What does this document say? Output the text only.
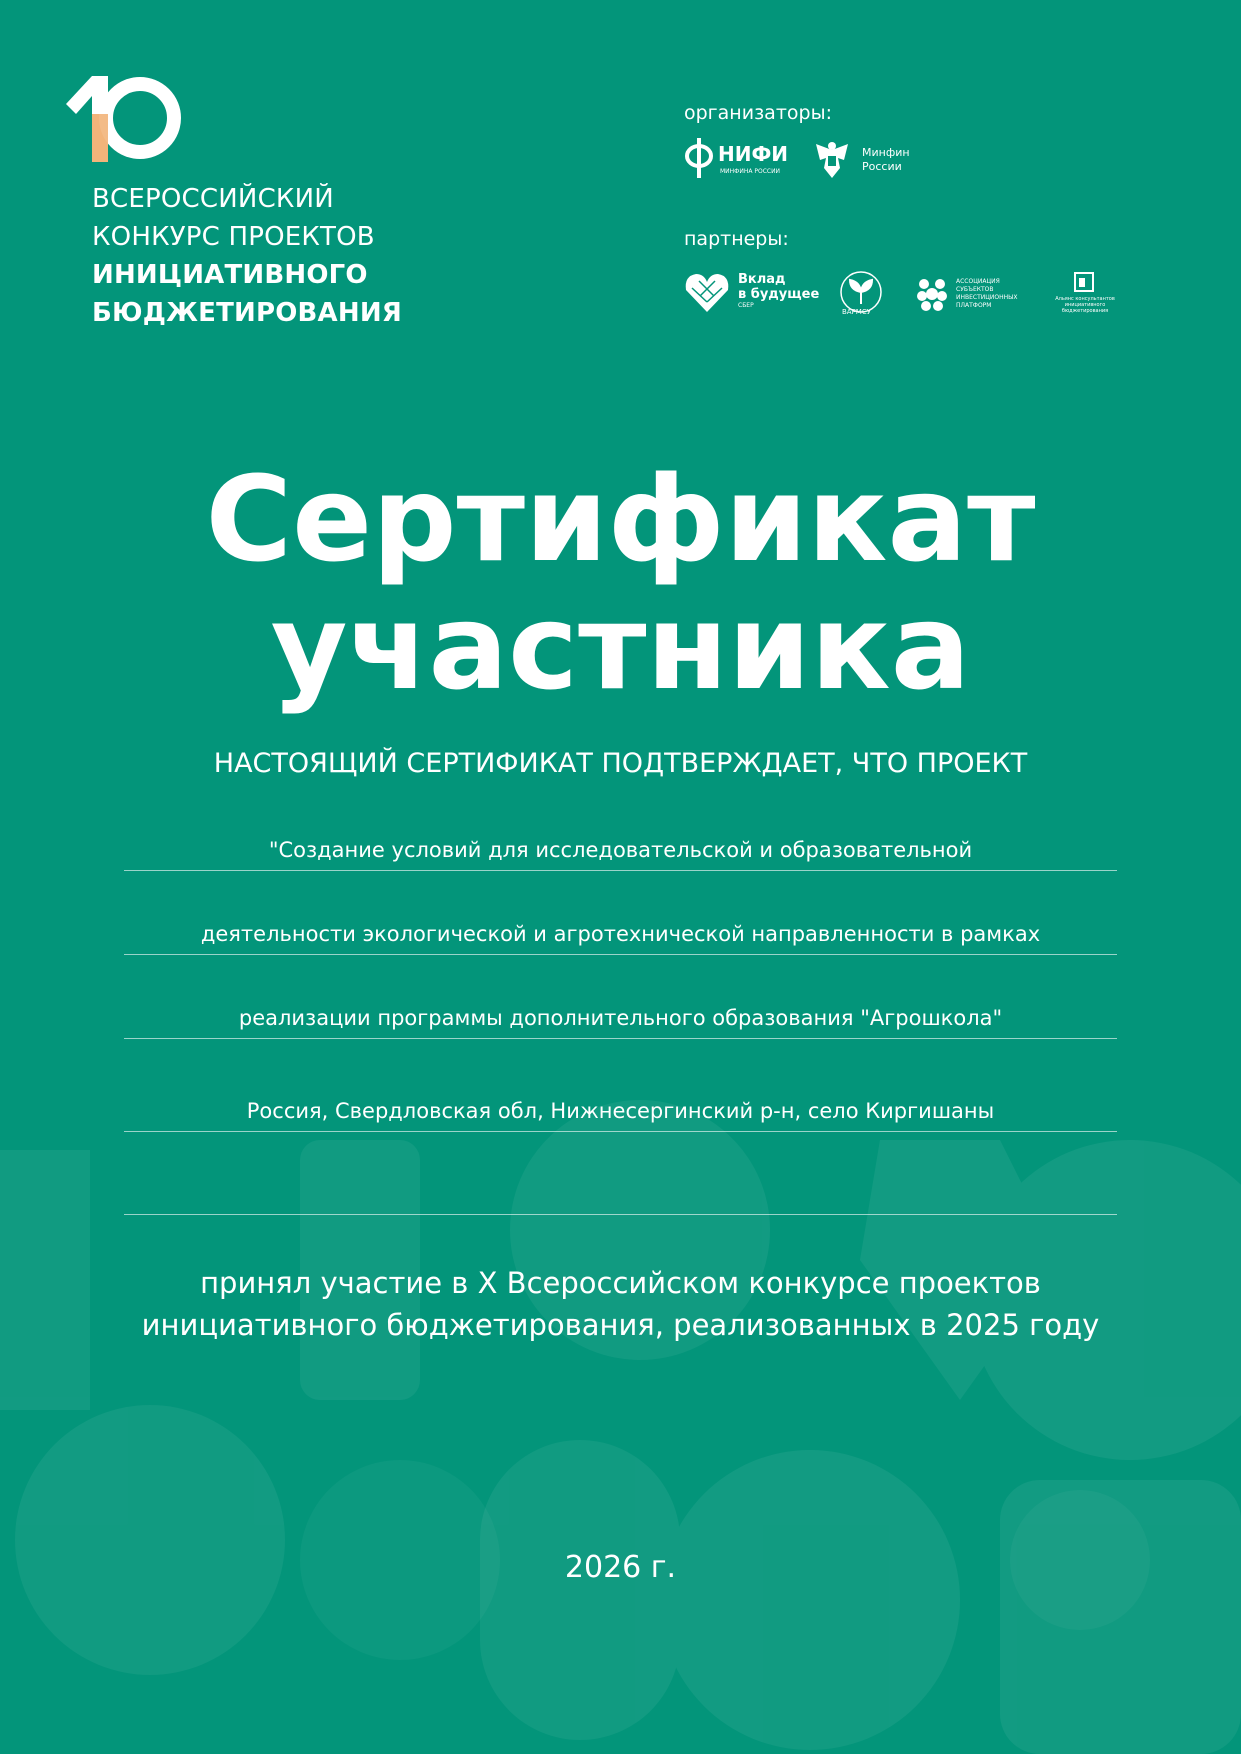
ВСЕРОССИЙСКИЙ
КОНКУРС ПРОЕКТОВ
ИНИЦИАТИВНОГО
БЮДЖЕТИРОВАНИЯ
организаторы:
НИФИ
МИНФИНА РОССИИ
Минфин
России
партнеры:
Вклад
в будущее
СБЕР
ВАРМСУ
АССОЦИАЦИЯ
СУБЪЕКТОВ
ИНВЕСТИЦИОННЫХ
ПЛАТФОРМ
Альянс консультантов
инициативного
бюджетирования
Сертификат
участника
НАСТОЯЩИЙ СЕРТИФИКАТ ПОДТВЕРЖДАЕТ, ЧТО ПРОЕКТ
"Создание условий для исследовательской и образовательной
деятельности экологической и агротехнической направленности в рамках
реализации программы дополнительного образования "Агрошкола"
Россия, Свердловская обл, Нижнесергинский р-н, село Киргишаны
принял участие в X Всероссийском конкурсе проектов
инициативного бюджетирования, реализованных в 2025 году
2026 г.
